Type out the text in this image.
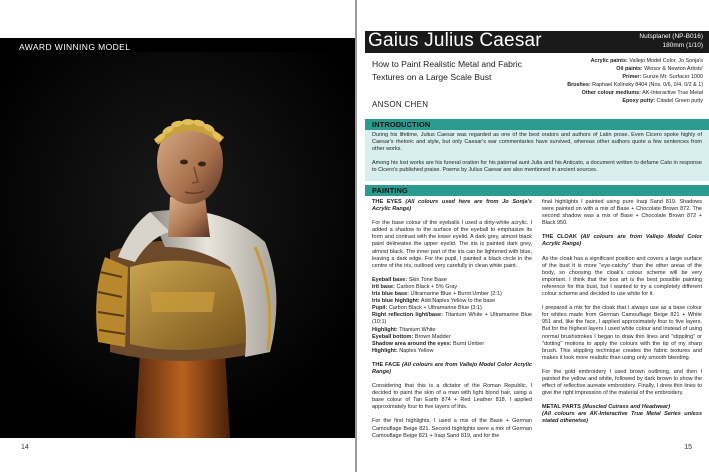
AWARD WINNING MODEL
14
Gaius Julius Caesar	Nutsplanet (NP-B016)
180mm (1/10)
How to Paint Realistic Metal and Fabric Textures on a Large Scale Bust
Acrylic paints: Vallejo Model Color, Jo Sonja's
Oil paints: Winsor & Newton Artists'
Primer: Gunze Mr. Surfacer 1000
Brushes: Raphael Kolinsky 8404 (Nos. 0/6, 0/4, 0/2 & 1)
Other colour mediums: AK-Interactive True Metal
Epoxy putty: Citadel Green putty
ANSON CHEN
INTRODUCTION
During his lifetime, Julius Caesar was regarded as one of the best orators and authors of Latin prose. Even Cicero spoke highly of Caesar's rhetoric and style, but only Caesar's war commentaries have survived, whereas other authors quote a few sentences from other works.
Among his lost works are his funeral oration for his paternal aunt Julia and his Anticato, a document written to defame Cato in response to Cicero's published praise. Poems by Julius Caesar are also mentioned in ancient sources.
PAINTING

THE EYES (All colours used here are from Jo Sonja's Acrylic Range)

For the base colour of the eyeballs I used a dirty-white acrylic. I added a shadow to the surface of the eyeball to emphasize its form and contrast with the lower eyelid. A dark grey, almost black paint delineates the upper eyelid. The iris is painted dark grey, almost black. The inner part of the iris can be lightened with blue, leaving a dark edge. For the pupil, I painted a black circle in the centre of the iris, outlined very carefully in clean white paint.

Eyeball base: Skin Tone Base
Irit base: Carbon Black + 5% Gray
Iris blue base: Ultramarine Blue + Burnt Umber (2:1)
Iris blue highlight: Add Naples Yellow to the base
Pupil: Carbon Black + Ultramarine Blue (3:1)
Right reflection light/base: Titanium White + Ultramarine Blue (10:1)
Highlight: Titanium White
Eyeball bottom: Brown Madder
Shadow area around the eyes: Burnt Umber
Highlight: Naples Yellow

THE FACE (All colours are from Vallejo Model Color Acrylic Range)

Considering that this is a dictator of the Roman Republic, I decided to paint the skin of a man with light blond hair, using a base colour of Tan Earth 874 + Red Leather 818. I applied approximately four to five layers of this.

For the first highlights, I used a mix of the Base + German Camouflage Beige 821. Second highlights were a mix of German Camouflage Beige 821 + Iraqi Sand 819, and for the

final highlights I painted using pure Iraqi Sand 819. Shadows were painted on with a mix of Base + Chocolate Brown 872. The second shadow was a mix of Base + Chocolate Brown 872 + Black 950.

THE CLOAK (All colours are from Vallejo Model Color Acrylic Range)

As the cloak has a significant position and covers a large surface of the bust it is more "eye-catchy" than the other areas of the body, so choosing the cloak's colour scheme will be very important. I think that the box art is the best possible painting reference for this bust, but I wanted to try a completely different colour scheme and decided to use white for it.

I prepared a mix for the cloak that I always use as a base colour for whites made from German Camouflage Beige 821 + White 951 and, like the face, I applied approximately four to five layers. But for the highest layers I used white colour and instead of using normal brushstrokes I began to draw thin lines and "stippling" or "dotting" motions to apply the colours with the tip of my sharp brush. This stippling technique creates the fabric textures and makes it look more realistic than using only smooth blending.

For the gold embroidery I used brown outlining, and then I painted the yellow and white, followed by dark brown to show the effect of reflective aureate embroidery. Finally, I drew thin lines to give the right impression of the material of the embroidery.

METAL PARTS (Muscled Cuirass and Headwear)

(All colours are AK-Interactive True Metal Series unless stated otherwise)

15
